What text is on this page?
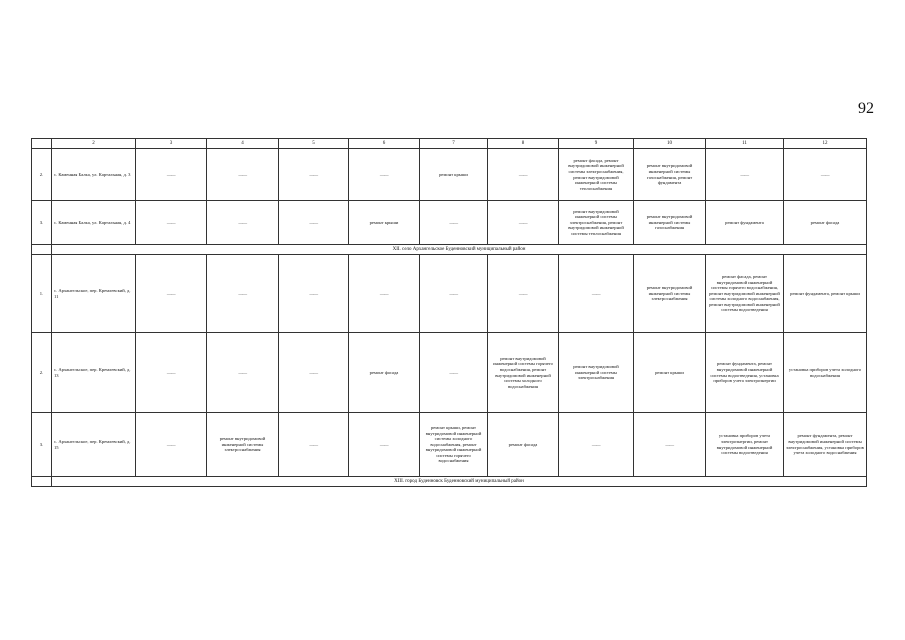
92
	2	3	4	5	6	7	8	9	10	11	12
2.	с. Каменная Балка, ул. Картальная, д. 3	——	——	——	——	ремонт крыши	——	ремонт фасада, ремонт внутридомовой инженерной системы электроснабжения, ремонт внутридомовой инженерной системы теплоснабжения	ремонт внутридомовой инженерной системы газоснабжения, ремонт фундамента	——	——
3.	с. Каменная Балка, ул. Картальная, д. 4	——	——	——	ремонт крыши	——	——	ремонт внутридомовой инженерной системы электроснабжения, ремонт внутридомовой инженерной системы теплоснабжения	ремонт внутридомовой инженерной системы газоснабжения	ремонт фундамента	ремонт фасада
	XII. село Архангельское Буденновский муниципальный район										
1.	с. Архангельское, пер. Кремлевский, д. 11	——	——	——	——	——	——	——	ремонт внутридомовой инженерной системы электроснабжения	ремонт фасада, ремонт внутридомовой инженерной системы горячего водоснабжения, ремонт внутридомовой инженерной системы холодного водоснабжения, ремонт внутридомовой инженерной системы водоотведения	ремонт фундамента, ремонт крыши
2.	с. Архангельское, пер. Кремлевский, д. 13	——	——	——	ремонт фасада	——	ремонт внутридомовой инженерной системы горячего водоснабжения, ремонт внутридомовой инженерной системы холодного водоснабжения	ремонт внутридомовой инженерной системы электроснабжения	ремонт крыши	ремонт фундамента, ремонт внутридомовой инженерной системы водоотведения, установка приборов учета электроэнергии	установка приборов учета холодного водоснабжения
3.	с. Архангельское, пер. Кремлевский, д. 15	——	ремонт внутридомовой инженерной системы электроснабжения	——	——	ремонт крыши, ремонт внутридомовой инженерной системы холодного водоснабжения, ремонт внутридомовой инженерной системы горячего водоснабжения	ремонт фасада	——	——	установка приборов учета электроэнергии, ремонт внутридомовой инженерной системы водоотведения	ремонт фундамента, ремонт внутридомовой инженерной системы электроснабжения, установка приборов учета холодного водоснабжения
	XIII. город Буденновск Буденновский муниципальный район										
